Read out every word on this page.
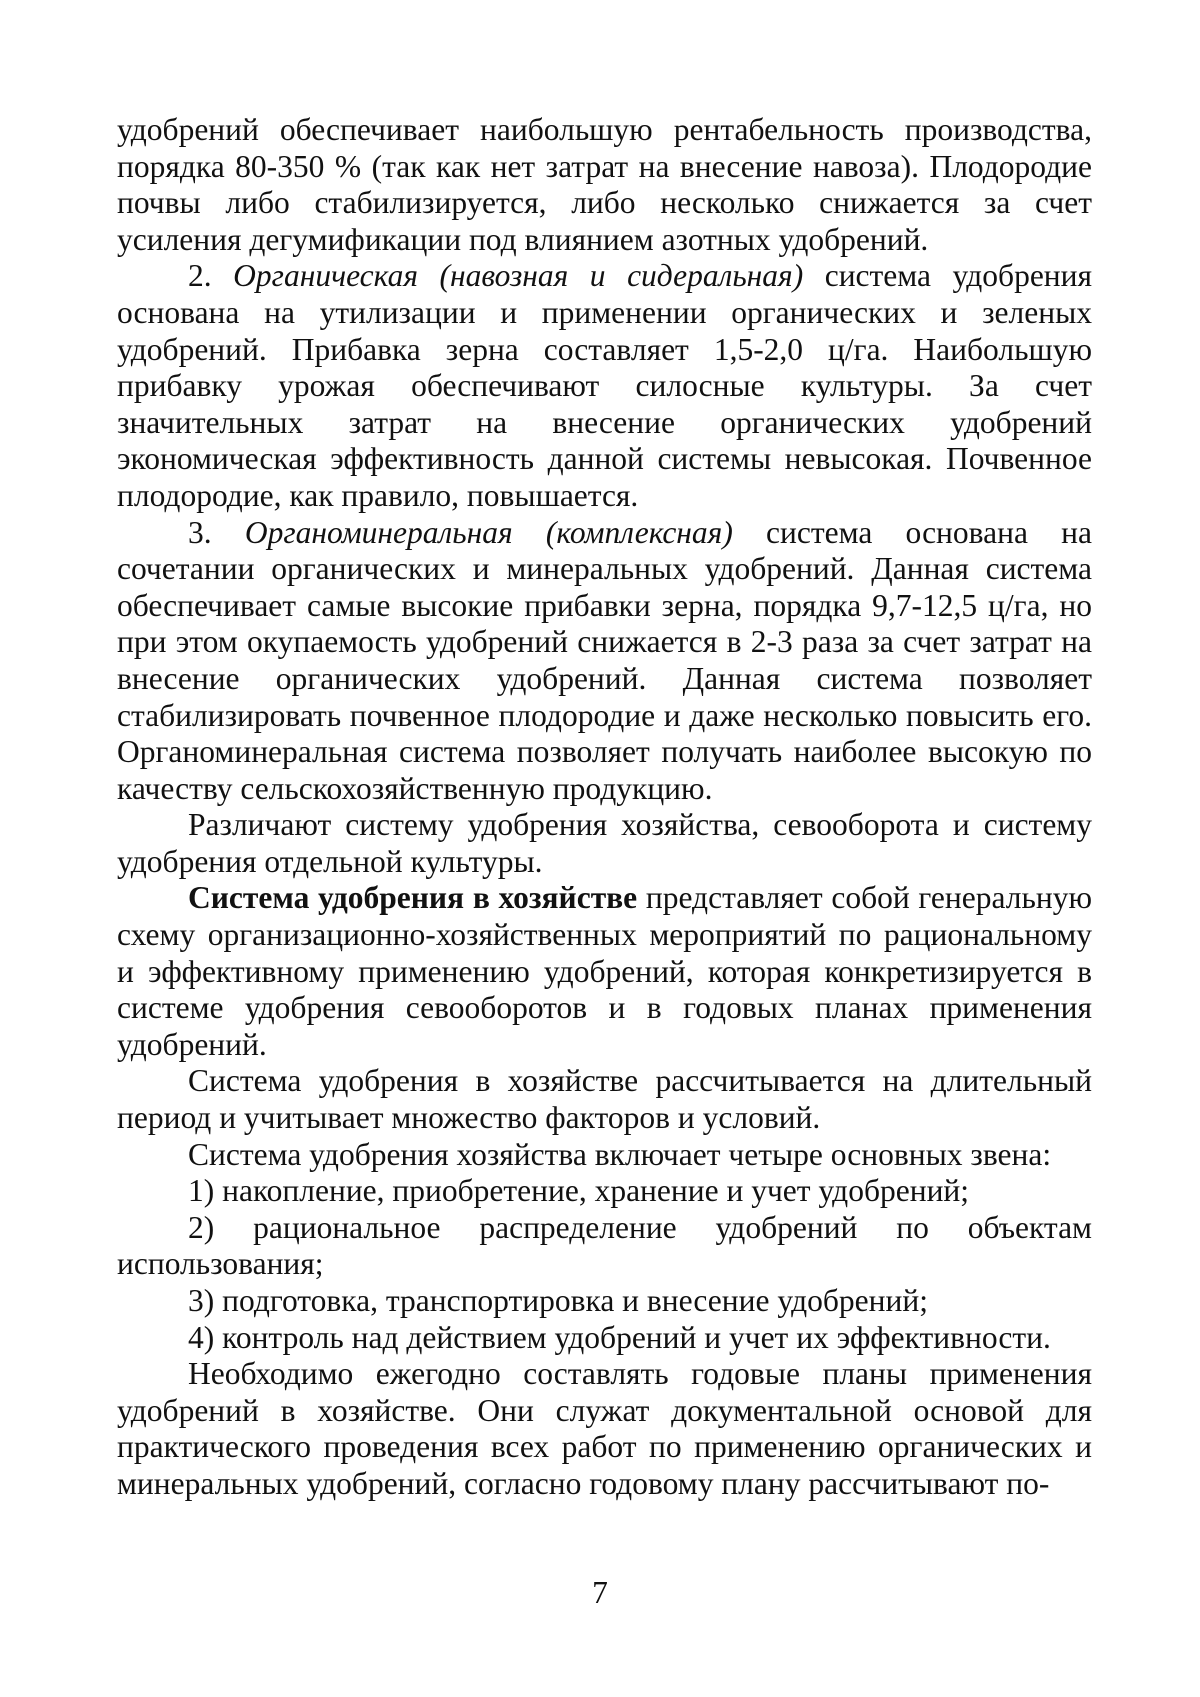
удобрений обеспечивает наибольшую рентабельность производства, порядка 80-350 % (так как нет затрат на внесение навоза). Плодородие почвы либо стабилизируется, либо несколько снижается за счет усиления дегумификации под влиянием азотных удобрений.

2. Органическая (навозная и сидеральная) система удобрения основана на утилизации и применении органических и зеленых удобрений. Прибавка зерна составляет 1,5-2,0 ц/га. Наибольшую прибавку урожая обеспечивают силосные культуры. За счет значительных затрат на внесение органических удобрений экономическая эффективность данной системы невысокая. Почвенное плодородие, как правило, повышается.

3. Органоминеральная (комплексная) система основана на сочетании органических и минеральных удобрений. Данная система обеспечивает самые высокие прибавки зерна, порядка 9,7-12,5 ц/га, но при этом окупаемость удобрений снижается в 2-3 раза за счет затрат на внесение органических удобрений. Данная система позволяет стабилизировать почвенное плодородие и даже несколько повысить его. Органоминеральная система позволяет получать наиболее высокую по качеству сельскохозяйственную продукцию.

Различают систему удобрения хозяйства, севооборота и систему удобрения отдельной культуры.

Система удобрения в хозяйстве представляет собой генеральную схему организационно-хозяйственных мероприятий по рациональному и эффективному применению удобрений, которая конкретизируется в системе удобрения севооборотов и в годовых планах применения удобрений.

Система удобрения в хозяйстве рассчитывается на длительный период и учитывает множество факторов и условий.

Система удобрения хозяйства включает четыре основных звена:

1) накопление, приобретение, хранение и учет удобрений;

2) рациональное распределение удобрений по объектам использования;

3) подготовка, транспортировка и внесение удобрений;

4) контроль над действием удобрений и учет их эффективности.

Необходимо ежегодно составлять годовые планы применения удобрений в хозяйстве. Они служат документальной основой для практического проведения всех работ по применению органических и минеральных удобрений, согласно годовому плану рассчитывают по-

7
